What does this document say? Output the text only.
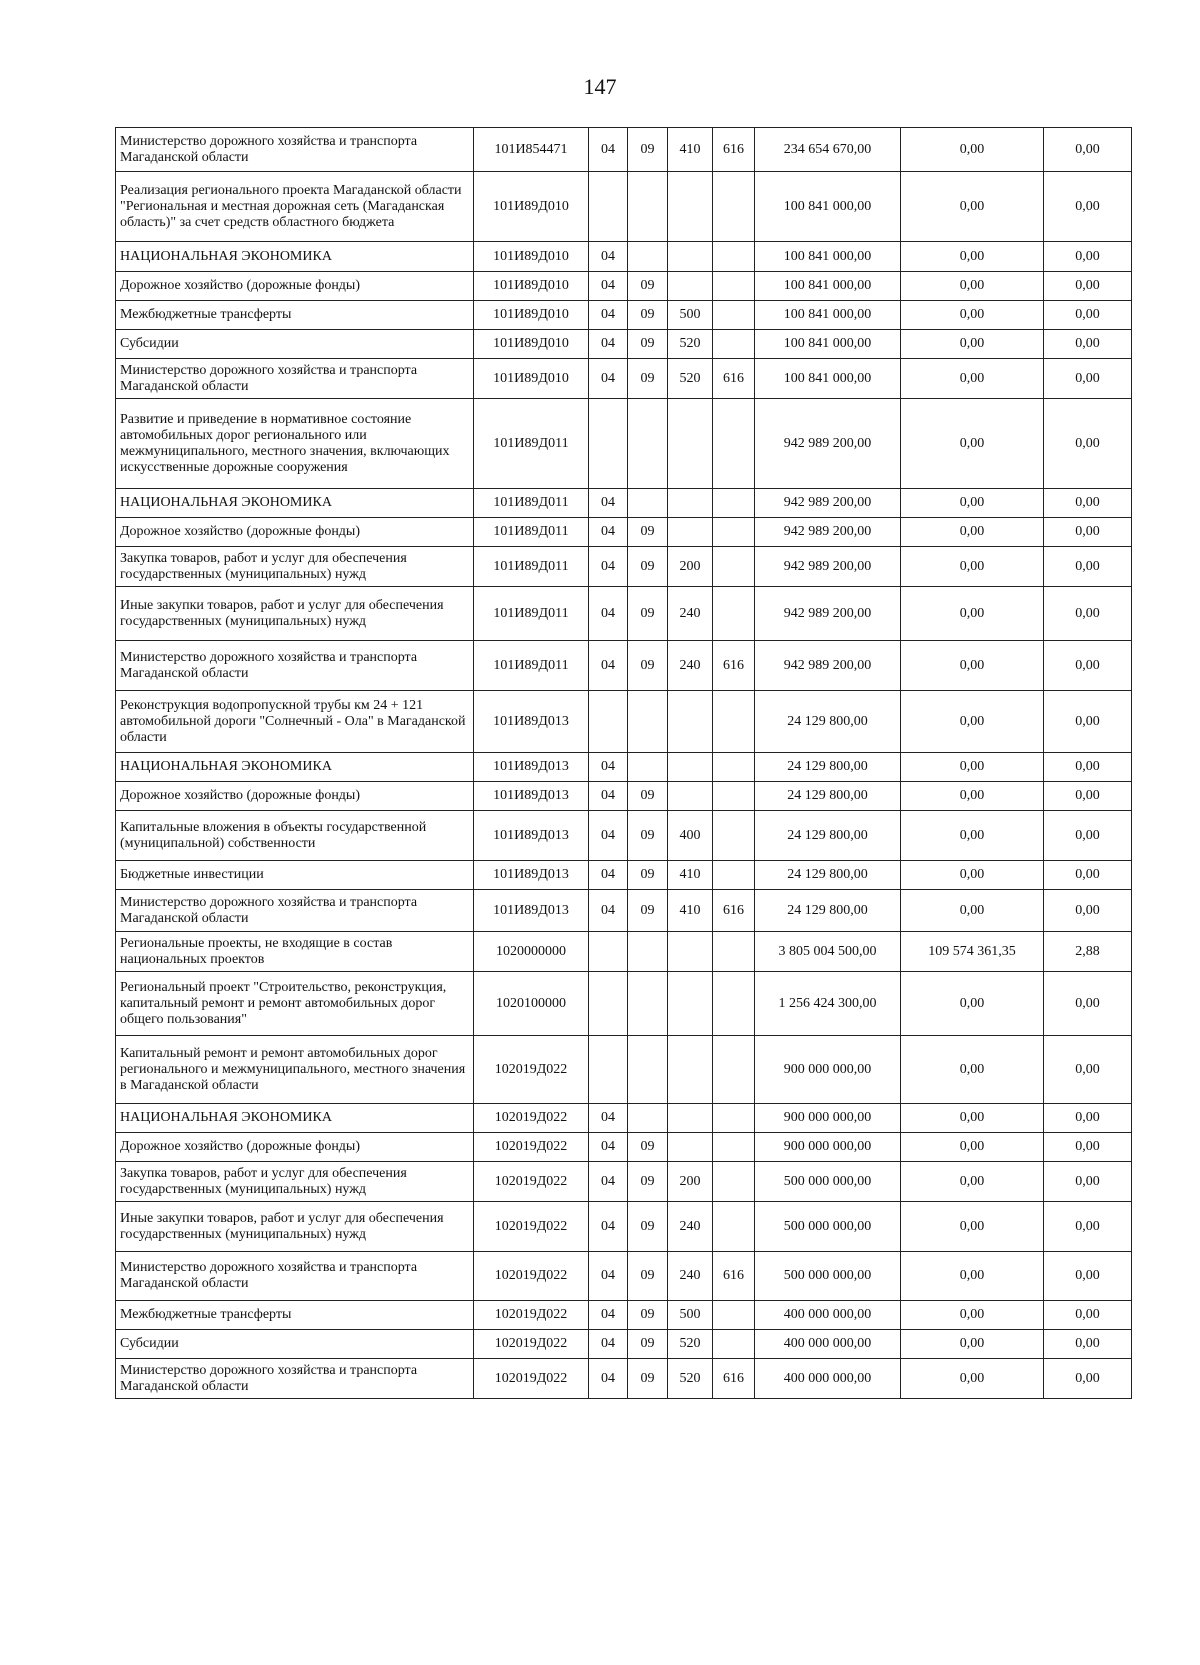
147
Министерство дорожного хозяйства и транспорта Магаданской области	101И854471	04	09	410	616	234 654 670,00	0,00	0,00
Реализация регионального проекта Магаданской области "Региональная и местная дорожная сеть (Магаданская область)" за счет средств областного бюджета	101И89Д010					100 841 000,00	0,00	0,00
НАЦИОНАЛЬНАЯ ЭКОНОМИКА	101И89Д010	04				100 841 000,00	0,00	0,00
Дорожное хозяйство (дорожные фонды)	101И89Д010	04	09			100 841 000,00	0,00	0,00
Межбюджетные трансферты	101И89Д010	04	09	500		100 841 000,00	0,00	0,00
Субсидии	101И89Д010	04	09	520		100 841 000,00	0,00	0,00
Министерство дорожного хозяйства и транспорта Магаданской области	101И89Д010	04	09	520	616	100 841 000,00	0,00	0,00
Развитие и приведение в нормативное состояние автомобильных дорог регионального или межмуниципального, местного значения, включающих искусственные дорожные сооружения	101И89Д011					942 989 200,00	0,00	0,00
НАЦИОНАЛЬНАЯ ЭКОНОМИКА	101И89Д011	04				942 989 200,00	0,00	0,00
Дорожное хозяйство (дорожные фонды)	101И89Д011	04	09			942 989 200,00	0,00	0,00
Закупка товаров, работ и услуг для обеспечения государственных (муниципальных) нужд	101И89Д011	04	09	200		942 989 200,00	0,00	0,00
Иные закупки товаров, работ и услуг для обеспечения государственных (муниципальных) нужд	101И89Д011	04	09	240		942 989 200,00	0,00	0,00
Министерство дорожного хозяйства и транспорта Магаданской области	101И89Д011	04	09	240	616	942 989 200,00	0,00	0,00
Реконструкция водопропускной трубы км 24 + 121 автомобильной дороги "Солнечный - Ола" в Магаданской области	101И89Д013					24 129 800,00	0,00	0,00
НАЦИОНАЛЬНАЯ ЭКОНОМИКА	101И89Д013	04				24 129 800,00	0,00	0,00
Дорожное хозяйство (дорожные фонды)	101И89Д013	04	09			24 129 800,00	0,00	0,00
Капитальные вложения в объекты государственной (муниципальной) собственности	101И89Д013	04	09	400		24 129 800,00	0,00	0,00
Бюджетные инвестиции	101И89Д013	04	09	410		24 129 800,00	0,00	0,00
Министерство дорожного хозяйства и транспорта Магаданской области	101И89Д013	04	09	410	616	24 129 800,00	0,00	0,00
Региональные проекты, не входящие в состав национальных проектов	1020000000					3 805 004 500,00	109 574 361,35	2,88
Региональный проект "Строительство, реконструкция, капитальный ремонт и ремонт автомобильных дорог общего пользования"	1020100000					1 256 424 300,00	0,00	0,00
Капитальный ремонт и ремонт автомобильных дорог регионального и межмуниципального, местного значения в Магаданской области	102019Д022					900 000 000,00	0,00	0,00
НАЦИОНАЛЬНАЯ ЭКОНОМИКА	102019Д022	04				900 000 000,00	0,00	0,00
Дорожное хозяйство (дорожные фонды)	102019Д022	04	09			900 000 000,00	0,00	0,00
Закупка товаров, работ и услуг для обеспечения государственных (муниципальных) нужд	102019Д022	04	09	200		500 000 000,00	0,00	0,00
Иные закупки товаров, работ и услуг для обеспечения государственных (муниципальных) нужд	102019Д022	04	09	240		500 000 000,00	0,00	0,00
Министерство дорожного хозяйства и транспорта Магаданской области	102019Д022	04	09	240	616	500 000 000,00	0,00	0,00
Межбюджетные трансферты	102019Д022	04	09	500		400 000 000,00	0,00	0,00
Субсидии	102019Д022	04	09	520		400 000 000,00	0,00	0,00
Министерство дорожного хозяйства и транспорта Магаданской области	102019Д022	04	09	520	616	400 000 000,00	0,00	0,00
